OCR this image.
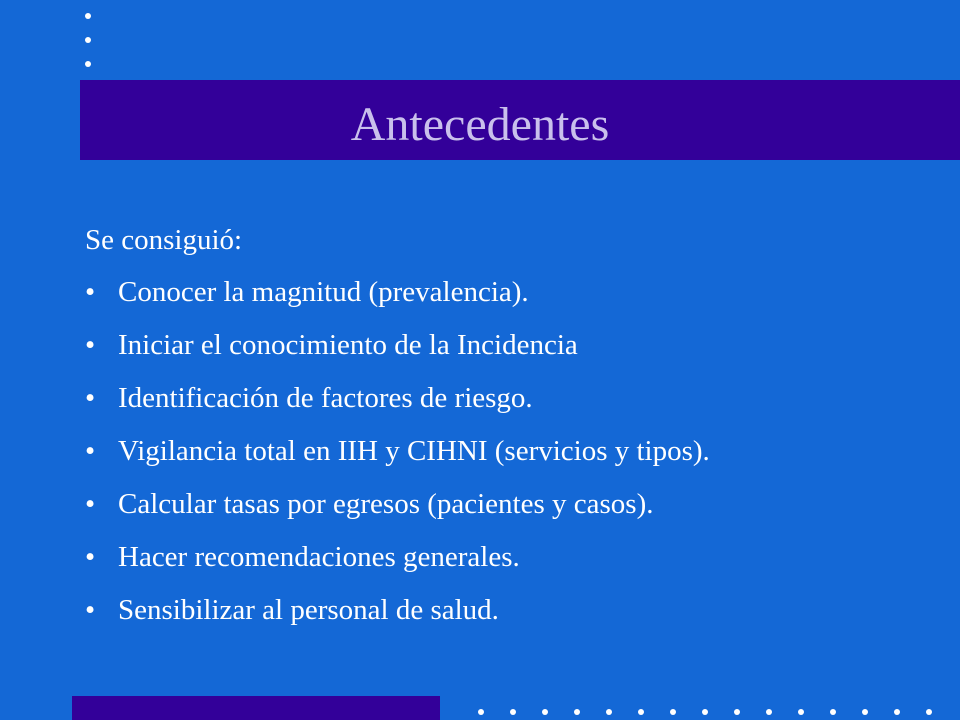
Antecedentes
Se consiguió:
• Conocer la magnitud (prevalencia).
• Iniciar el conocimiento de la Incidencia
• Identificación de factores de riesgo.
• Vigilancia total en IIH y CIHNI (servicios y tipos).
• Calcular tasas por egresos (pacientes y casos).
• Hacer recomendaciones generales.
• Sensibilizar al personal de salud.
